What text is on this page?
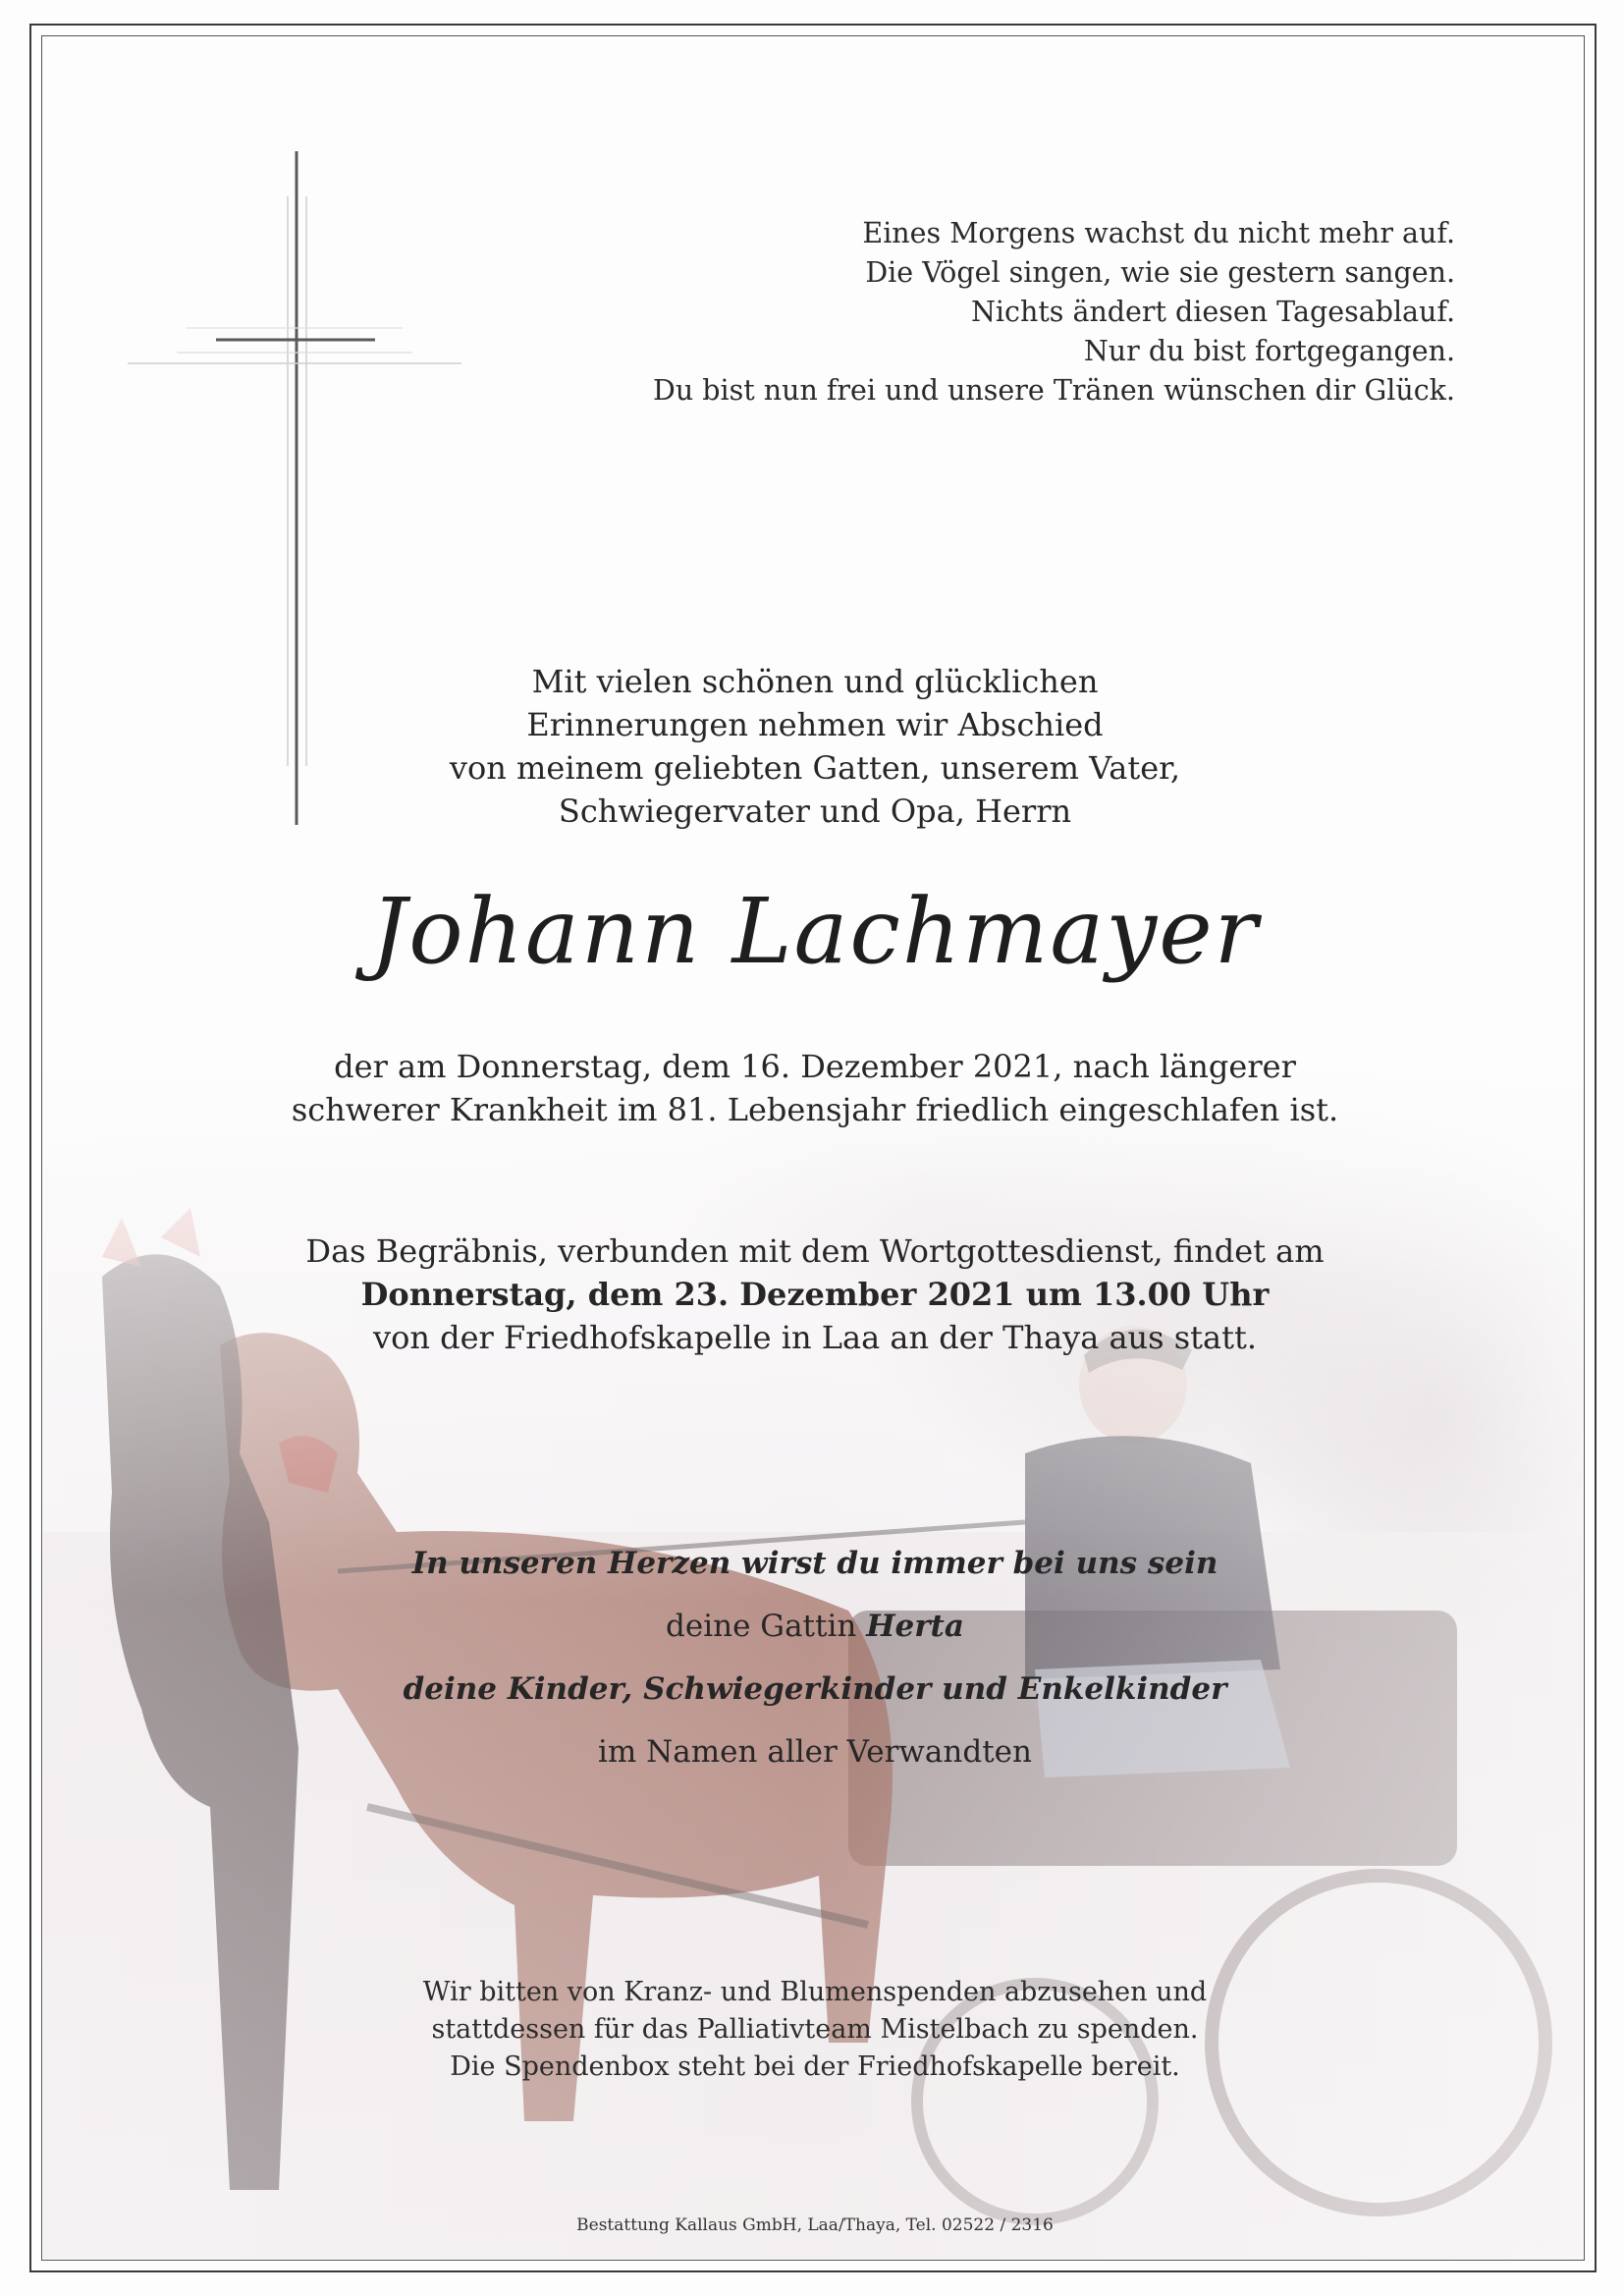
Eines Morgens wachst du nicht mehr auf.
Die Vögel singen, wie sie gestern sangen.
Nichts ändert diesen Tagesablauf.
Nur du bist fortgegangen.
Du bist nun frei und unsere Tränen wünschen dir Glück.
Mit vielen schönen und glücklichen
Erinnerungen nehmen wir Abschied
von meinem geliebten Gatten, unserem Vater,
Schwiegervater und Opa, Herrn
Johann Lachmayer
der am Donnerstag, dem 16. Dezember 2021, nach längerer
schwerer Krankheit im 81. Lebensjahr friedlich eingeschlafen ist.
Das Begräbnis, verbunden mit dem Wortgottesdienst, findet am
Donnerstag, dem 23. Dezember 2021 um 13.00 Uhr
von der Friedhofskapelle in Laa an der Thaya aus statt.
In unseren Herzen wirst du immer bei uns sein
deine Gattin Herta
deine Kinder, Schwiegerkinder und Enkelkinder
im Namen aller Verwandten
Wir bitten von Kranz- und Blumenspenden abzusehen und
stattdessen für das Palliativteam Mistelbach zu spenden.
Die Spendenbox steht bei der Friedhofskapelle bereit.
Bestattung Kallaus GmbH, Laa/Thaya, Tel. 02522 / 2316
